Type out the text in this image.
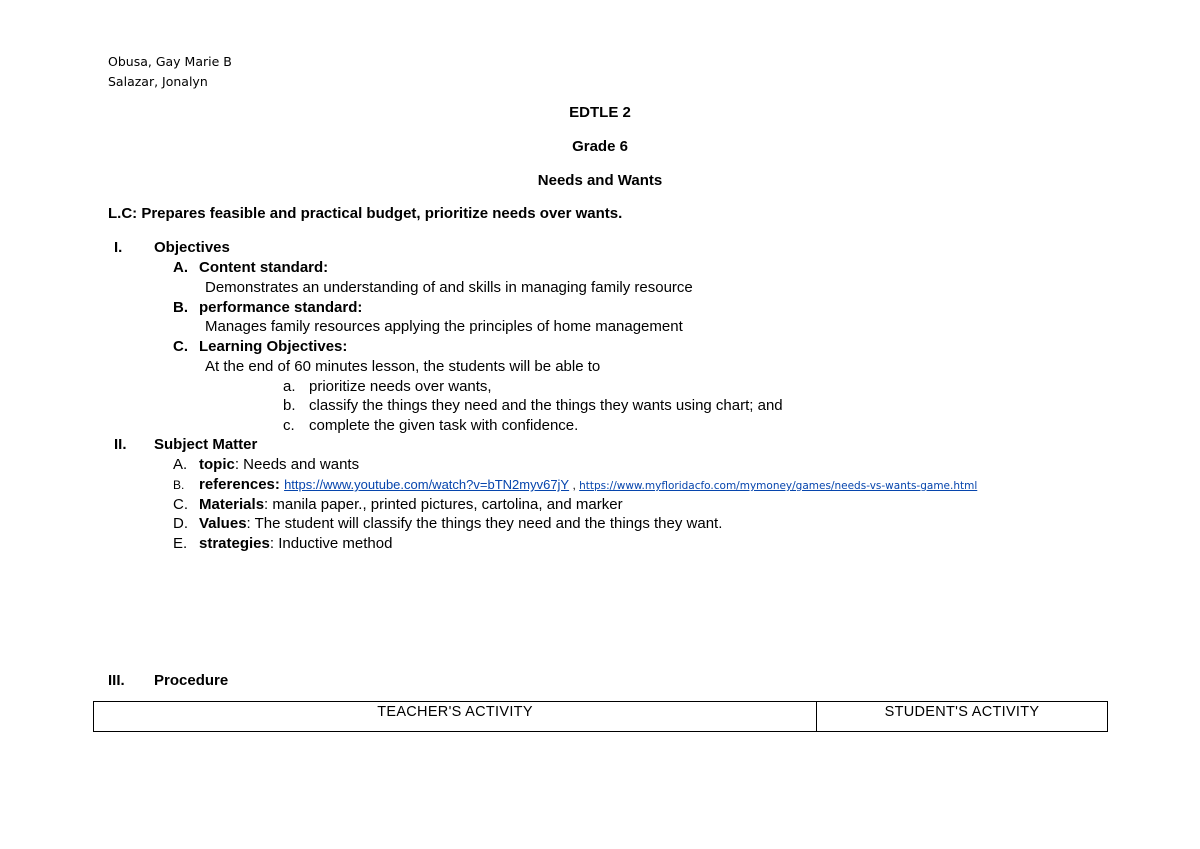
Obusa, Gay Marie B
Salazar, Jonalyn
EDTLE 2
Grade 6
Needs and Wants
L.C: Prepares feasible and practical budget, prioritize needs over wants.
I. Objectives
A. Content standard:
Demonstrates an understanding of and skills in managing family resource
B. performance standard:
Manages family resources applying the principles of home management
C. Learning Objectives:
At the end of 60 minutes lesson, the students will be able to
a. prioritize needs over wants,
b. classify the things they need and the things they wants using chart; and
c. complete the given task with confidence.
II. Subject Matter
A. topic: Needs and wants
B. references: https://www.youtube.com/watch?v=bTN2myv67jY , https://www.myfloridacfo.com/mymoney/games/needs-vs-wants-game.html
C. Materials: manila paper., printed pictures, cartolina, and marker
D. Values: The student will classify the things they need and the things they want.
E. strategies: Inductive method
III. Procedure
TEACHER'S ACTIVITY	STUDENT'S ACTIVITY
